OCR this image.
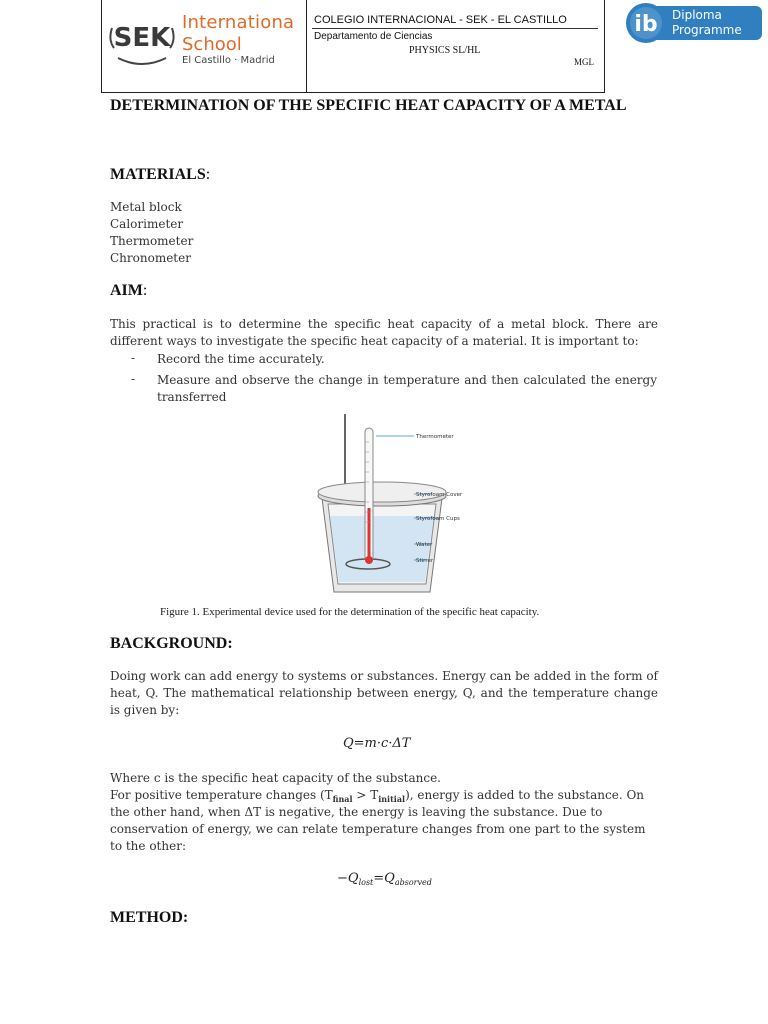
SEK
Internationa
School
El Castillo · Madrid
COLEGIO INTERNACIONAL - SEK - EL CASTILLO
Departamento de Ciencias
PHYSICS SL/HL
MGL
ib Diploma
Programme
DETERMINATION OF THE SPECIFIC HEAT CAPACITY OF A METAL
MATERIALS:
Metal block
Calorimeter
Thermometer
Chronometer
AIM:
This practical is to determine the specific heat capacity of a metal block. There are different ways to investigate the specific heat capacity of a material. It is important to:
- Record the time accurately.
- Measure and observe the change in temperature and then calculated the energy transferred
Thermometer
Styrofoam Cover
Styrofoam Cups
Water
Stirrer
Figure 1. Experimental device used for the determination of the specific heat capacity.
BACKGROUND:
Doing work can add energy to systems or substances. Energy can be added in the form of heat, Q. The mathematical relationship between energy, Q, and the temperature change is given by:
Q=m·c·ΔT
Where c is the specific heat capacity of the substance.
For positive temperature changes $(T_{final} > T_{initial})$, energy is added to the substance. On
the other hand, when ΔT is negative, the energy is leaving the substance. Due to conservation of energy, we can relate temperature changes from one part to the system to the other:
$-Q_{lost}=Q_{absorved}$
METHOD:
